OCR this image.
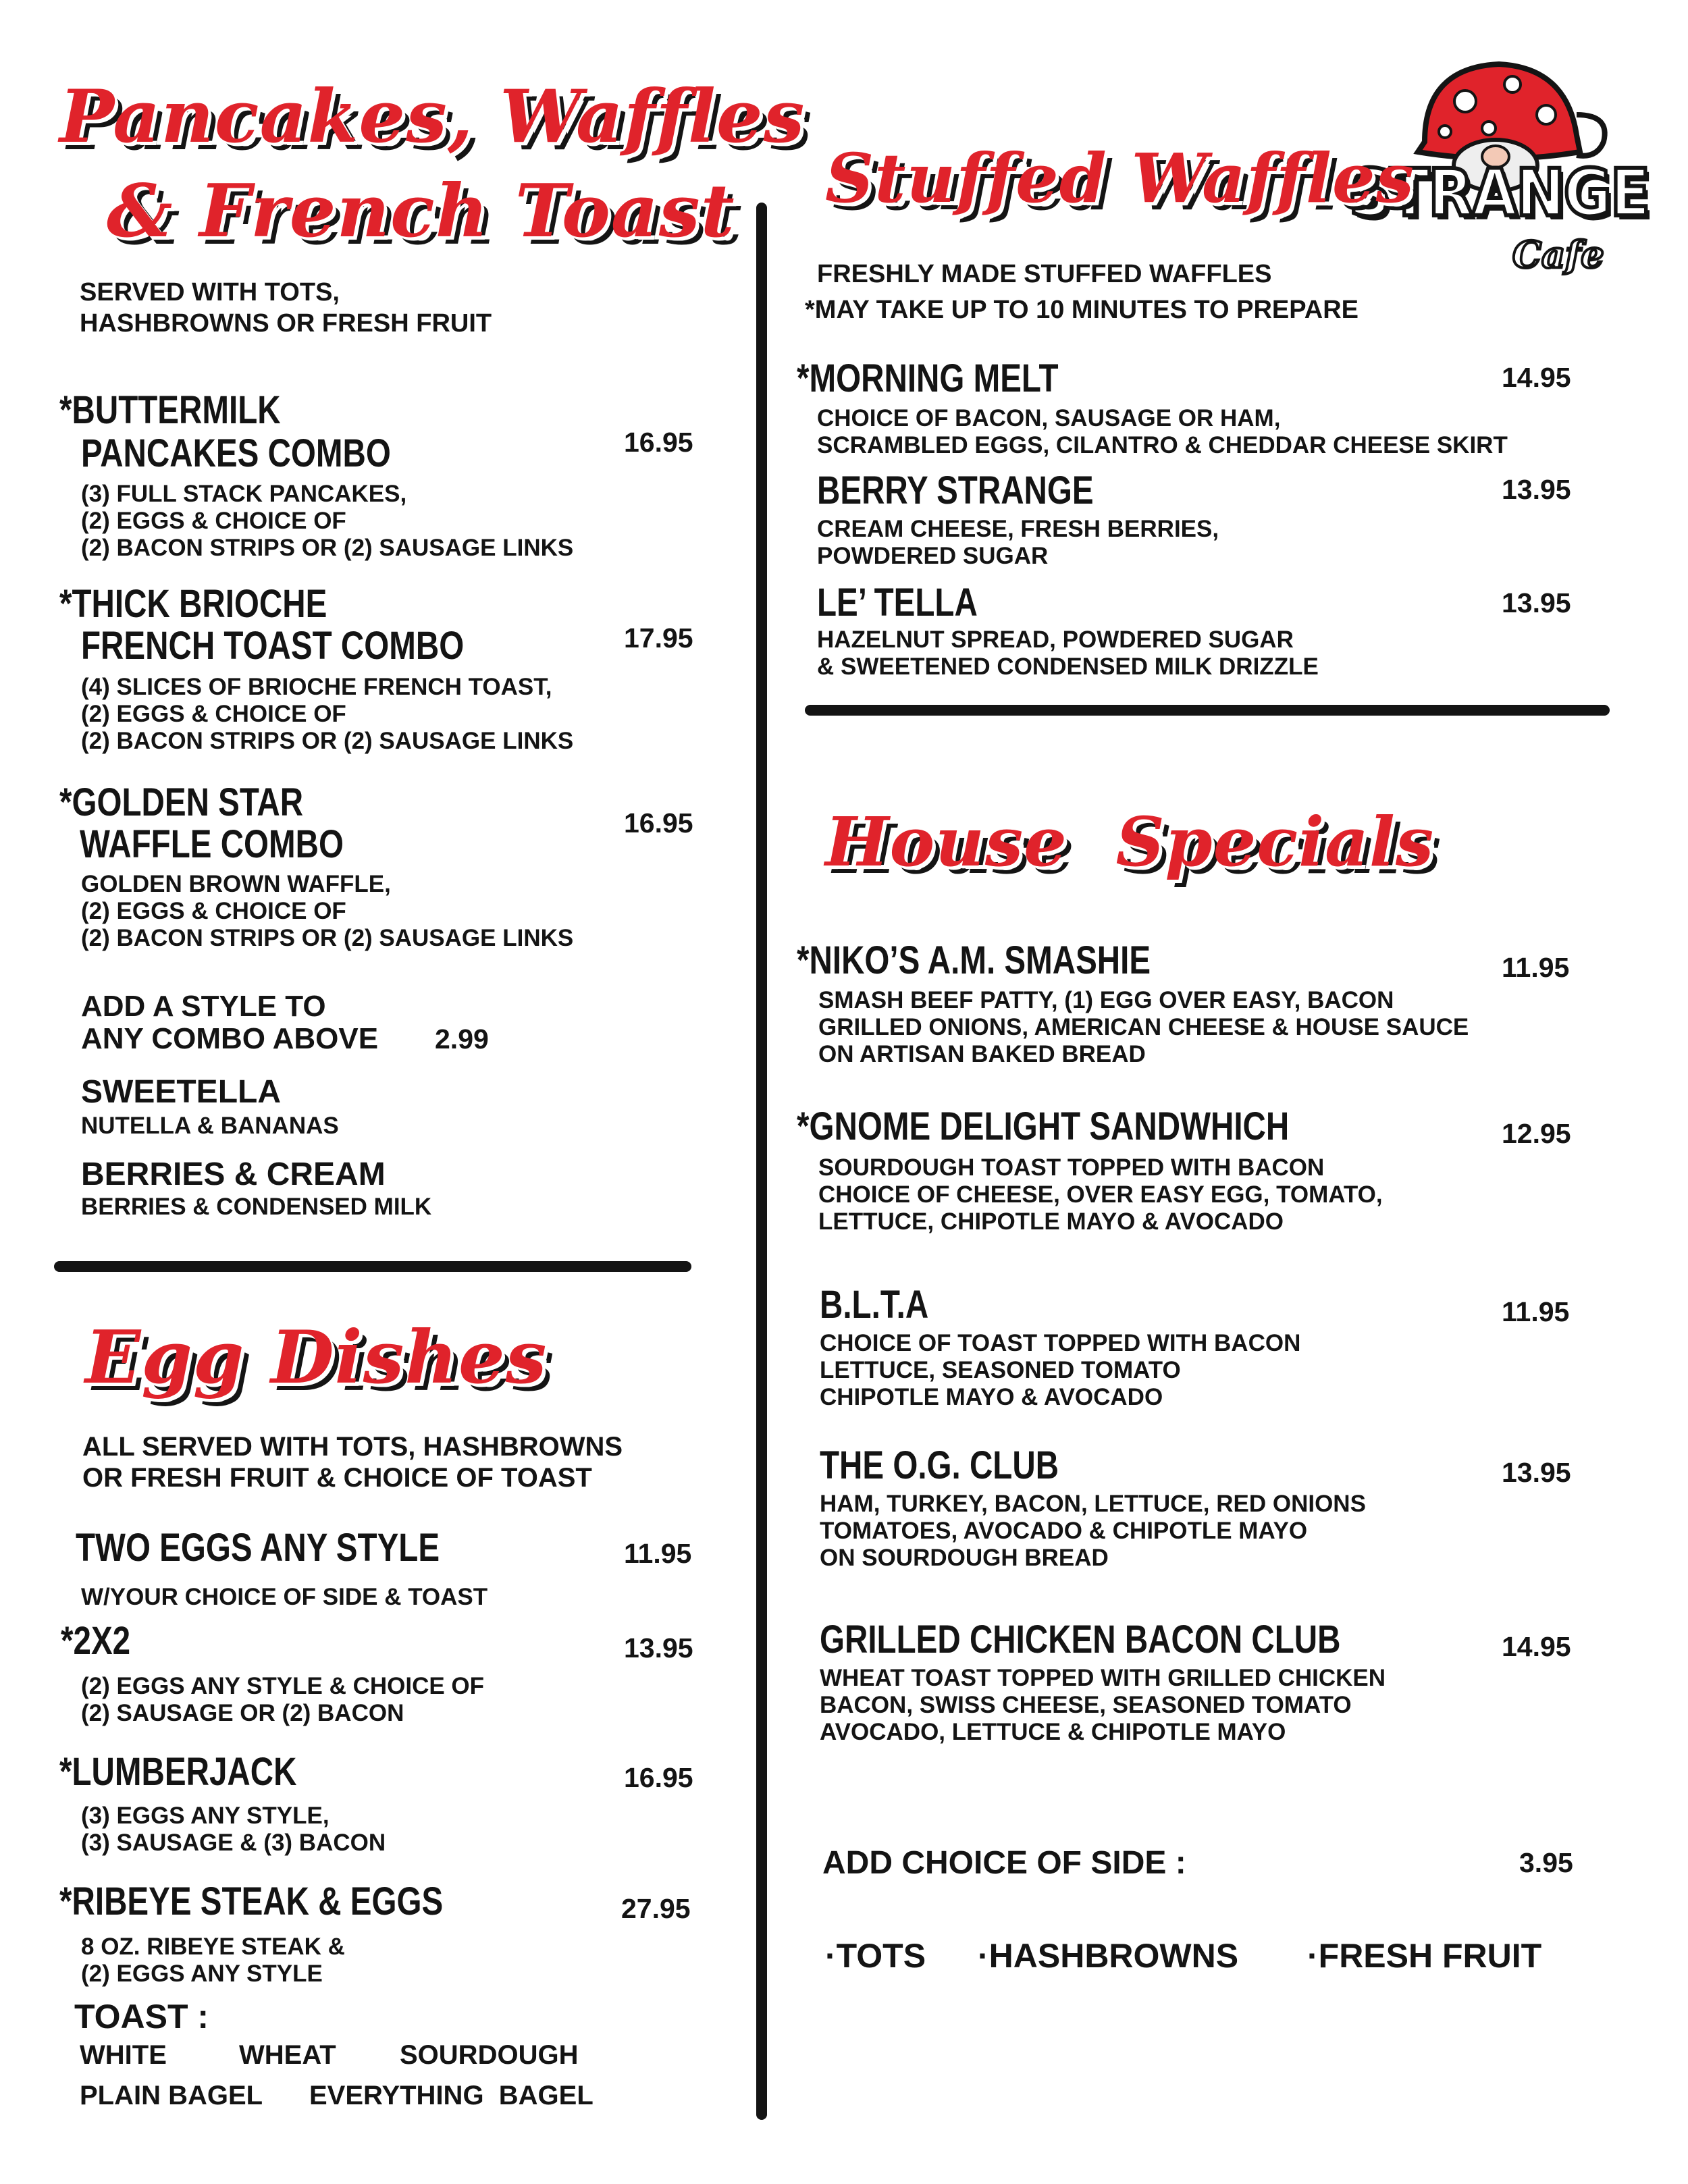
Pancakes, Waffles
& French Toast
SERVED WITH TOTS,
HASHBROWNS OR FRESH FRUIT
*BUTTERMILK
PANCAKES COMBO	16.95
(3) FULL STACK PANCAKES,
(2) EGGS & CHOICE OF
(2) BACON STRIPS OR (2) SAUSAGE LINKS
*THICK BRIOCHE
FRENCH TOAST COMBO	17.95
(4) SLICES OF BRIOCHE FRENCH TOAST,
(2) EGGS & CHOICE OF
(2) BACON STRIPS OR (2) SAUSAGE LINKS
*GOLDEN STAR
WAFFLE COMBO	16.95
GOLDEN BROWN WAFFLE,
(2) EGGS & CHOICE OF
(2) BACON STRIPS OR (2) SAUSAGE LINKS
ADD A STYLE TO
ANY COMBO ABOVE 2.99
SWEETELLA
NUTELLA & BANANAS
BERRIES & CREAM
BERRIES & CONDENSED MILK
Egg Dishes
ALL SERVED WITH TOTS, HASHBROWNS
OR FRESH FRUIT & CHOICE OF TOAST
TWO EGGS ANY STYLE	11.95
W/YOUR CHOICE OF SIDE & TOAST
*2X2	13.95
(2) EGGS ANY STYLE & CHOICE OF
(2) SAUSAGE OR (2) BACON
*LUMBERJACK	16.95
(3) EGGS ANY STYLE,
(3) SAUSAGE & (3) BACON
*RIBEYE STEAK & EGGS	27.95
8 OZ. RIBEYE STEAK &
(2) EGGS ANY STYLE
TOAST :
WHITE	WHEAT SOURDOUGH
PLAIN BAGEL EVERYTHING  BAGEL
STRANGE
Cafe
Stuffed Waffles
FRESHLY MADE STUFFED WAFFLES
*MAY TAKE UP TO 10 MINUTES TO PREPARE
*MORNING MELT	14.95
CHOICE OF BACON, SAUSAGE OR HAM,
SCRAMBLED EGGS, CILANTRO & CHEDDAR CHEESE SKIRT
BERRY STRANGE	13.95
CREAM CHEESE, FRESH BERRIES,
POWDERED SUGAR
LE’ TELLA	13.95
HAZELNUT SPREAD, POWDERED SUGAR
& SWEETENED CONDENSED MILK DRIZZLE
House  Specials
*NIKO’S A.M. SMASHIE	11.95
SMASH BEEF PATTY, (1) EGG OVER EASY, BACON
GRILLED ONIONS, AMERICAN CHEESE & HOUSE SAUCE
ON ARTISAN BAKED BREAD
*GNOME DELIGHT SANDWHICH	12.95
SOURDOUGH TOAST TOPPED WITH BACON
CHOICE OF CHEESE, OVER EASY EGG, TOMATO,
LETTUCE, CHIPOTLE MAYO & AVOCADO
B.L.T.A	11.95
CHOICE OF TOAST TOPPED WITH BACON
LETTUCE, SEASONED TOMATO
CHIPOTLE MAYO & AVOCADO
THE O.G. CLUB	13.95
HAM, TURKEY, BACON, LETTUCE, RED ONIONS
TOMATOES, AVOCADO & CHIPOTLE MAYO
ON SOURDOUGH BREAD
GRILLED CHICKEN BACON CLUB	14.95
WHEAT TOAST TOPPED WITH GRILLED CHICKEN
BACON, SWISS CHEESE, SEASONED TOMATO
AVOCADO, LETTUCE & CHIPOTLE MAYO
ADD CHOICE OF SIDE :	3.95
·TOTS ·HASHBROWNS ·FRESH FRUIT
